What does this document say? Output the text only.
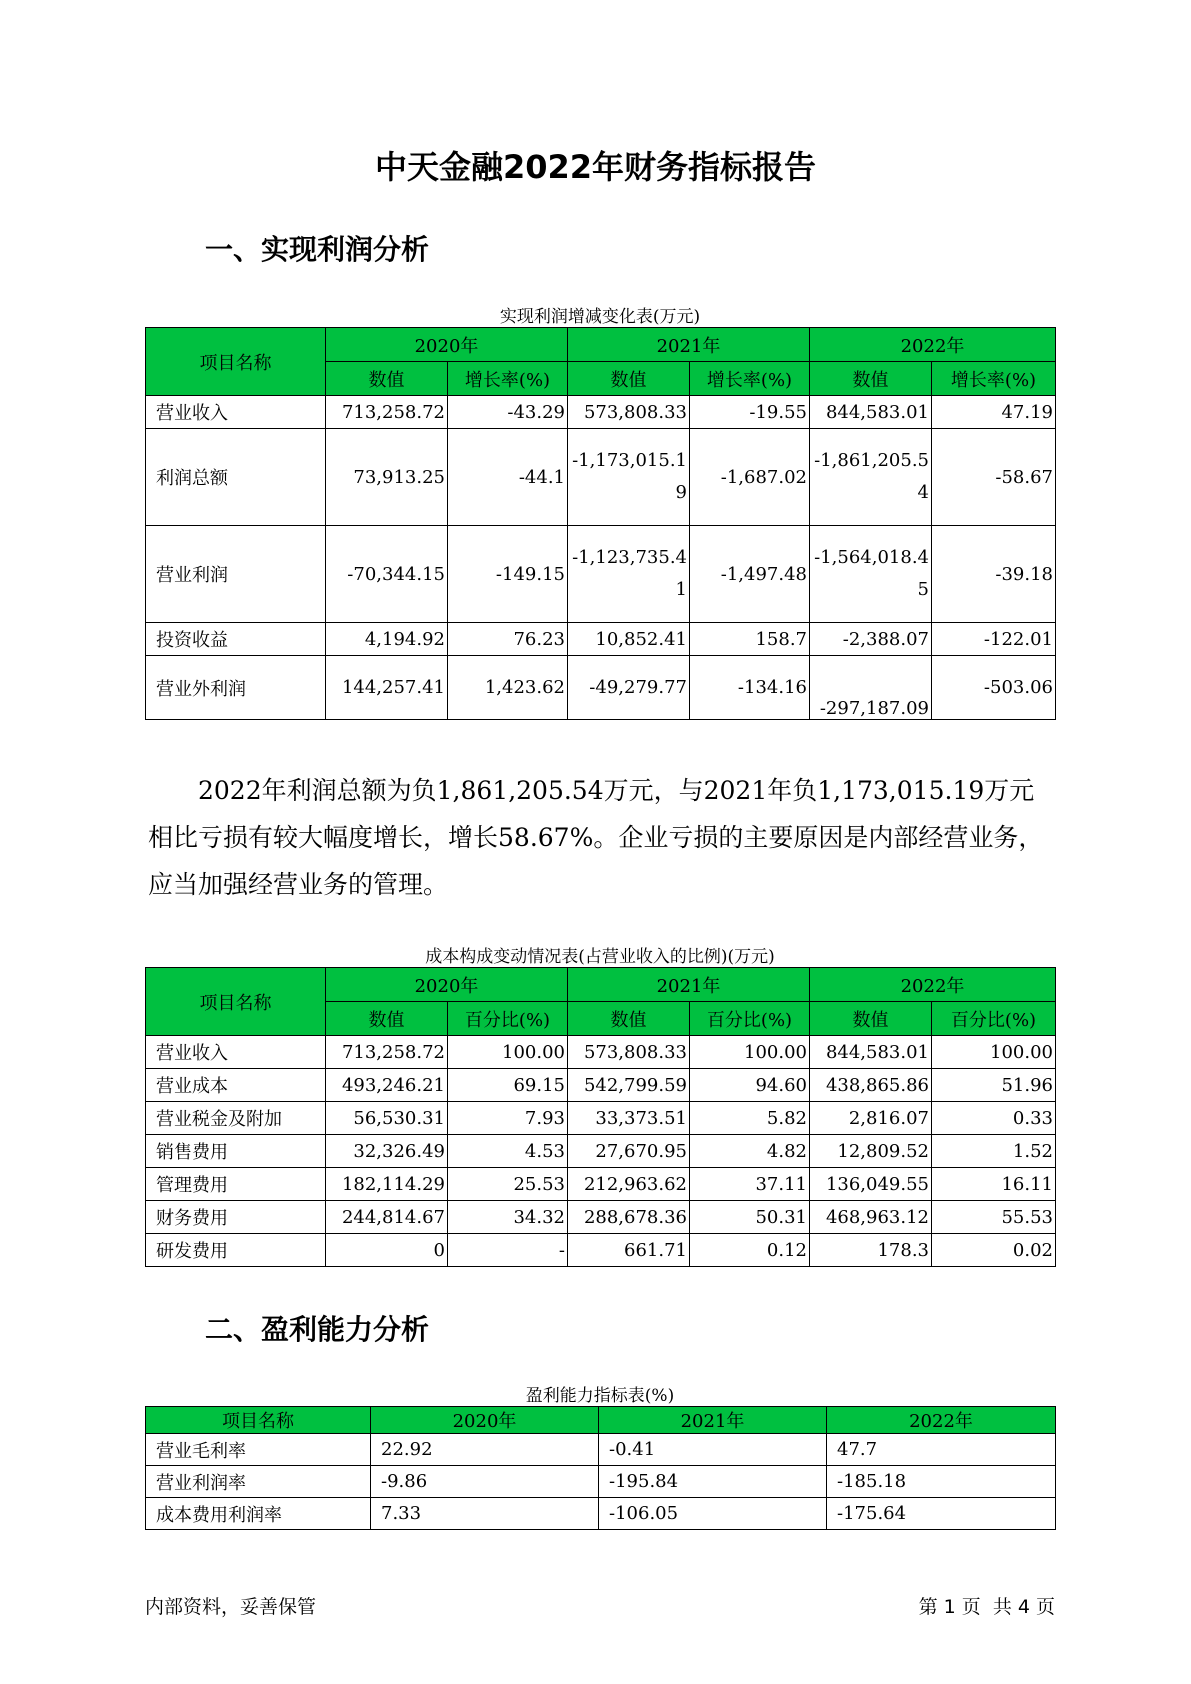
中天金融2022年财务指标报告
一、实现利润分析
实现利润增减变化表(万元)
项目名称	2020年		2021年		2022年	
	数值	增长率(%)	数值	增长率(%)	数值	增长率(%)
营业收入	713,258.72	-43.29	573,808.33	-19.55	844,583.01	47.19
利润总额	73,913.25	-44.1	-1,173,015.19	-1,687.02	-1,861,205.54	-58.67
营业利润	-70,344.15	-149.15	-1,123,735.41	-1,497.48	-1,564,018.45	-39.18
投资收益	4,194.92	76.23	10,852.41	158.7	-2,388.07	-122.01
营业外利润	144,257.41	1,423.62	-49,279.77	-134.16	-297,187.09	-503.06

2022年利润总额为负1,861,205.54万元，与2021年负1,173,015.19万元相比亏损有较大幅度增长，增长58.67%。企业亏损的主要原因是内部经营业务，应当加强经营业务的管理。

成本构成变动情况表(占营业收入的比例)(万元)
项目名称	2020年		2021年		2022年	
	数值	百分比(%)	数值	百分比(%)	数值	百分比(%)
营业收入	713,258.72	100.00	573,808.33	100.00	844,583.01	100.00
营业成本	493,246.21	69.15	542,799.59	94.60	438,865.86	51.96
营业税金及附加	56,530.31	7.93	33,373.51	5.82	2,816.07	0.33
销售费用	32,326.49	4.53	27,670.95	4.82	12,809.52	1.52
管理费用	182,114.29	25.53	212,963.62	37.11	136,049.55	16.11
财务费用	244,814.67	34.32	288,678.36	50.31	468,963.12	55.53
研发费用	0	-	661.71	0.12	178.3	0.02
二、盈利能力分析
盈利能力指标表(%)
项目名称	2020年	2021年	2022年
营业毛利率	22.92	-0.41	47.7
营业利润率	-9.86	-195.84	-185.18
成本费用利润率	7.33	-106.05	-175.64
内部资料，妥善保管	第 1 页  共 4 页
